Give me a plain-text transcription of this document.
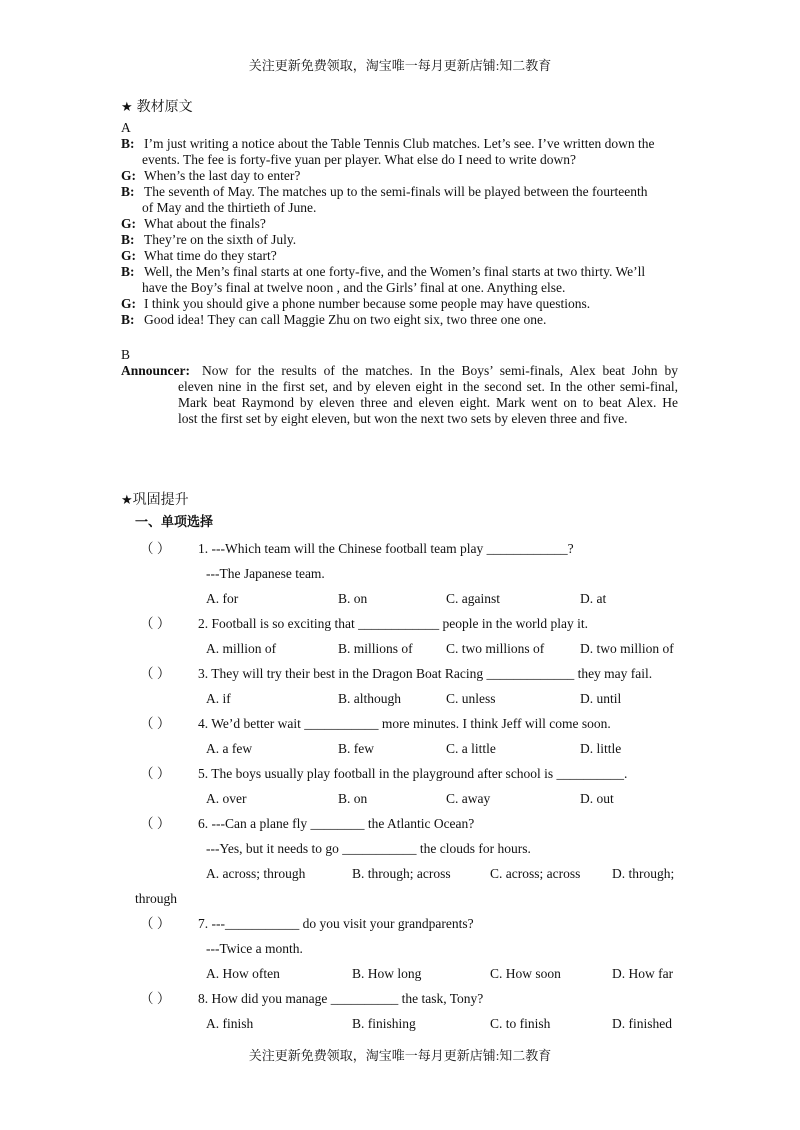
关注更新免费领取，淘宝唯一每月更新店铺:知二教育
★ 教材原文
A
B: I’m just writing a notice about the Table Tennis Club matches. Let’s see. I’ve written down the
events. The fee is forty-five yuan per player. What else do I need to write down?
G: When’s the last day to enter?
B: The seventh of May. The matches up to the semi-finals will be played between the fourteenth
of May and the thirtieth of June.
G: What about the finals?
B: They’re on the sixth of July.
G: What time do they start?
B: Well, the Men’s final starts at one forty-five, and the Women’s final starts at two thirty. We’ll
have the Boy’s final at twelve noon , and the Girls’ final at one. Anything else.
G: I think you should give a phone number because some people may have questions.
B: Good idea! They can call Maggie Zhu on two eight six, two three one one.
B
Announcer: Now for the results of the matches. In the Boys’ semi-finals, Alex beat John by
eleven nine in the first set, and by eleven eight in the second set. In the other semi-final,
Mark beat Raymond by eleven three and eleven eight. Mark went on to beat Alex. He
lost the first set by eight eleven, but won the next two sets by eleven three and five.
★巩固提升
一、单项选择
（ ） 1. ---Which team will the Chinese football team play ____________?
---The Japanese team.
A. for	B. on	C. against	D. at
（ ） 2. Football is so exciting that ____________ people in the world play it.
A. million of	B. millions of C. two millions of	D. two million of
（ ） 3. They will try their best in the Dragon Boat Racing _____________ they may fail.
A. if	B. although	C. unless	D. until
（ ） 4. We’d better wait ___________ more minutes. I think Jeff will come soon.
A. a few	B. few	C. a little	D. little
（ ） 5. The boys usually play football in the playground after school is __________.
A. over	B. on	C. away	D. out
（ ） 6. ---Can a plane fly ________ the Atlantic Ocean?
---Yes, but it needs to go ___________ the clouds for hours.
A. across; through	B. through; across	C. across; across D. through;
through
（ ） 7. ---___________ do you visit your grandparents?
---Twice a month.
A. How often	B. How long	C. How soon	D. How far
（ ） 8. How did you manage __________ the task, Tony?
A. finish	B. finishing	C. to finish	D. finished
关注更新免费领取，淘宝唯一每月更新店铺:知二教育
